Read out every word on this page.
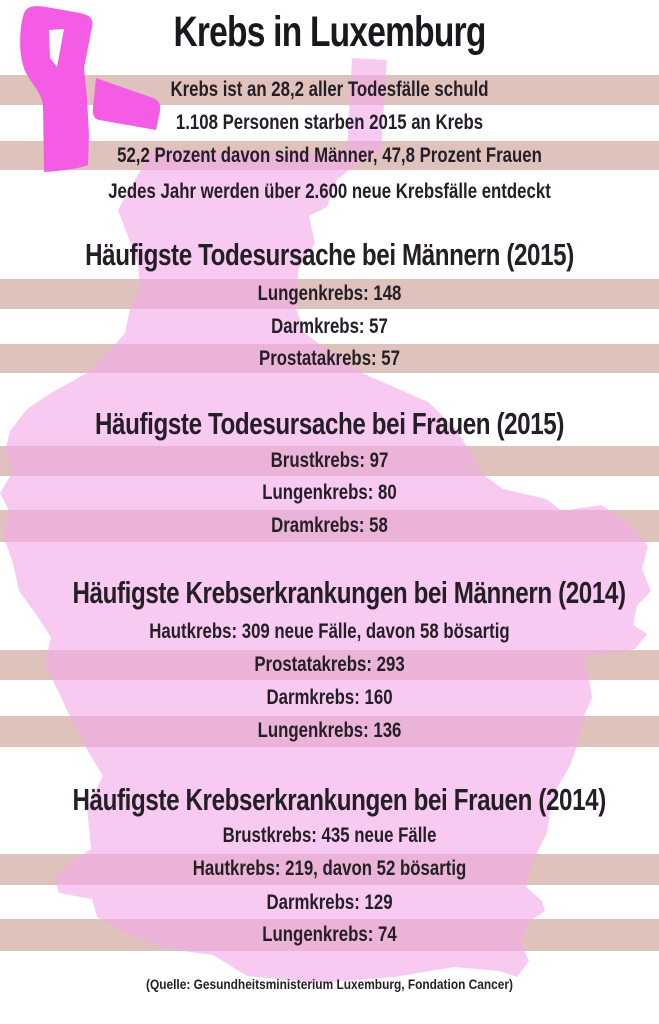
Krebs in Luxemburg
Krebs ist an 28,2 aller Todesfälle schuld
1.108 Personen starben 2015 an Krebs
52,2 Prozent davon sind Männer, 47,8 Prozent Frauen
Jedes Jahr werden über 2.600 neue Krebsfälle entdeckt
Häufigste Todesursache bei Männern (2015)
Lungenkrebs: 148
Darmkrebs: 57
Prostatakrebs: 57
Häufigste Todesursache bei Frauen (2015)
Brustkrebs: 97
Lungenkrebs: 80
Dramkrebs: 58
Häufigste Krebserkrankungen bei Männern (2014)
Hautkrebs: 309 neue Fälle, davon 58 bösartig
Prostatakrebs: 293
Darmkrebs: 160
Lungenkrebs: 136
Häufigste Krebserkrankungen bei Frauen (2014)
Brustkrebs: 435 neue Fälle
Hautkrebs: 219, davon 52 bösartig
Darmkrebs: 129
Lungenkrebs: 74
(Quelle: Gesundheitsministerium Luxemburg, Fondation Cancer)
